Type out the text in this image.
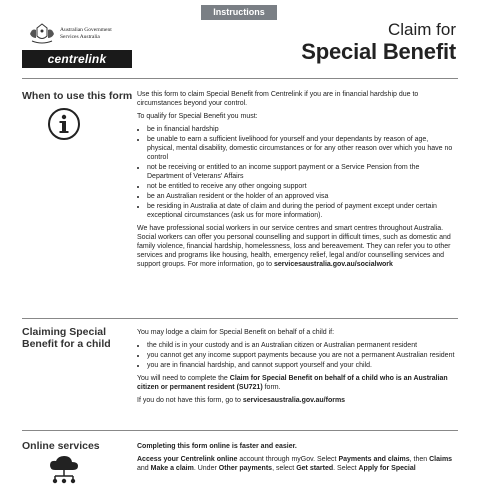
Instructions
Australian Government
Services Australia
centrelink
Claim for
Special Benefit
When to use this form Use this form to claim Special Benefit from Centrelink if you are in financial hardship due to circumstances beyond your control.

To qualify for Special Benefit you must:

• be in financial hardship
• be unable to earn a sufficient livelihood for yourself and your dependants by reason of age, physical, mental disability, domestic circumstances or for any other reason over which you have no control
• not be receiving or entitled to an income support payment or a Service Pension from the Department of Veterans' Affairs
• not be entitled to receive any other ongoing support
• be an Australian resident or the holder of an approved visa
• be residing in Australia at date of claim and during the period of payment except under certain exceptional circumstances (ask us for more information).

We have professional social workers in our service centres and smart centres throughout Australia. Social workers can offer you personal counselling and support in difficult times, such as domestic and family violence, financial hardship, homelessness, loss and bereavement. They can refer you to other services and programs like housing, health, emergency relief, legal and/or counselling services and support groups. For more information, go to servicesaustralia.gov.au/socialwork

Claiming Special
Benefit for a child

You may lodge a claim for Special Benefit on behalf of a child if:

• the child is in your custody and is an Australian citizen or Australian permanent resident
• you cannot get any income support payments because you are not a permanent Australian resident
• you are in financial hardship, and cannot support yourself and your child.

You will need to complete the Claim for Special Benefit on behalf of a child who is an Australian citizen or permanent resident (SU721) form.

If you do not have this form, go to servicesaustralia.gov.au/forms

Online services	Completing this form online is faster and easier.

Access your Centrelink online account through myGov. Select Payments and claims, then Claims and Make a claim. Under Other payments, select Get started. Select Apply for Special
